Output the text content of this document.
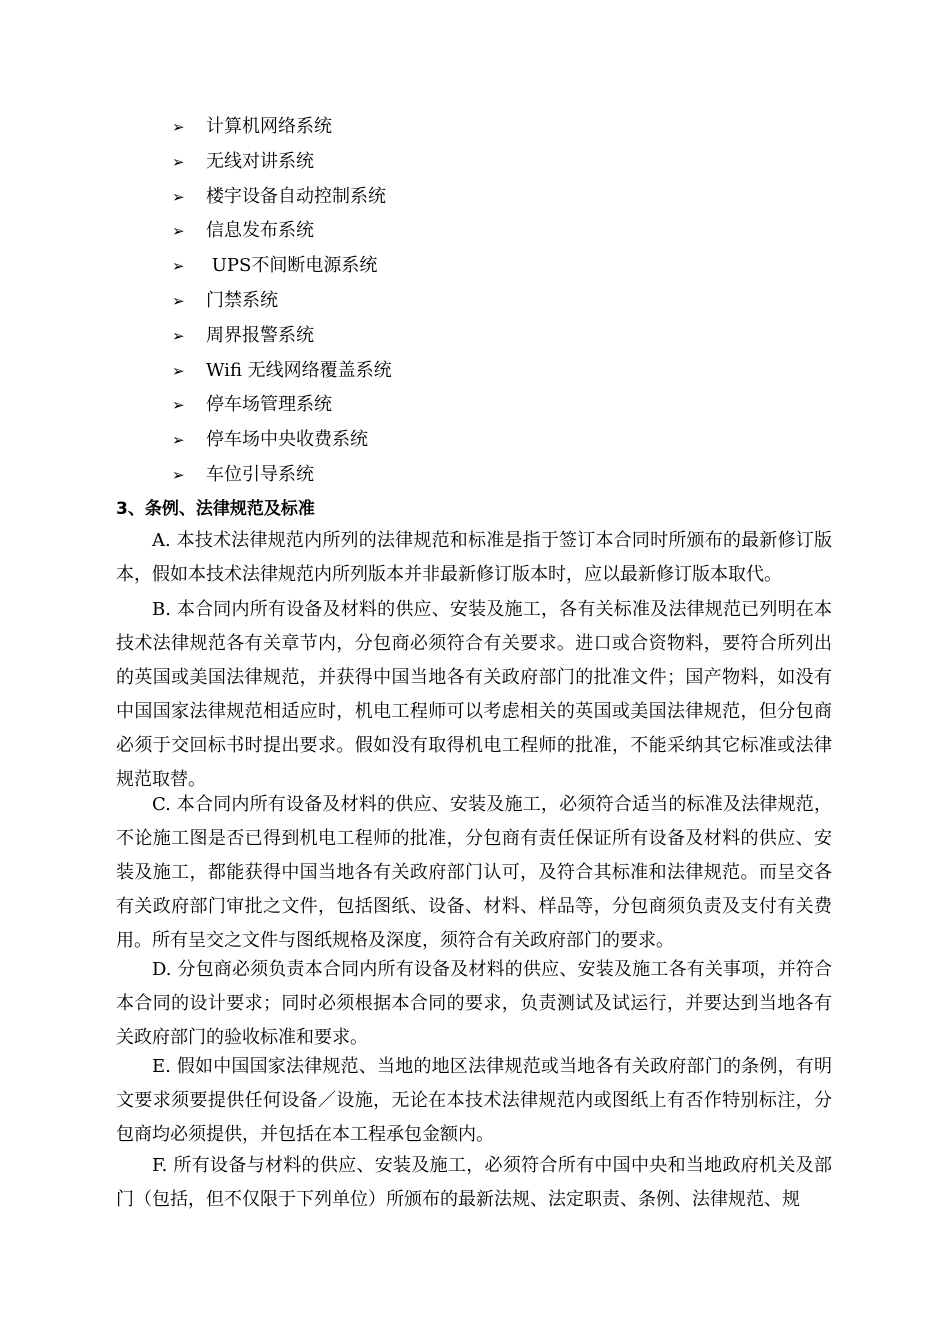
➢ 计算机网络系统
➢ 无线对讲系统
➢ 楼宇设备自动控制系统
➢ 信息发布系统
➢ UPS不间断电源系统
➢ 门禁系统
➢ 周界报警系统
➢ Wifi 无线网络覆盖系统
➢ 停车场管理系统
➢ 停车场中央收费系统
➢ 车位引导系统
3、条例、法律规范及标准

A. 本技术法律规范内所列的法律规范和标准是指于签订本合同时所颁布的最新修订版本，假如本技术法律规范内所列版本并非最新修订版本时，应以最新修订版本取代。

B. 本合同内所有设备及材料的供应、安装及施工，各有关标准及法律规范已列明在本技术法律规范各有关章节内，分包商必须符合有关要求。进口或合资物料，要符合所列出的英国或美国法律规范，并获得中国当地各有关政府部门的批准文件；国产物料，如没有中国国家法律规范相适应时，机电工程师可以考虑相关的英国或美国法律规范，但分包商必须于交回标书时提出要求。假如没有取得机电工程师的批准，不能采纳其它标准或法律规范取替。

C. 本合同内所有设备及材料的供应、安装及施工，必须符合适当的标准及法律规范，不论施工图是否已得到机电工程师的批准，分包商有责任保证所有设备及材料的供应、安装及施工，都能获得中国当地各有关政府部门认可，及符合其标准和法律规范。而呈交各有关政府部门审批之文件，包括图纸、设备、材料、样品等，分包商须负责及支付有关费用。所有呈交之文件与图纸规格及深度，须符合有关政府部门的要求。

D. 分包商必须负责本合同内所有设备及材料的供应、安装及施工各有关事项，并符合本合同的设计要求；同时必须根据本合同的要求，负责测试及试运行，并要达到当地各有关政府部门的验收标准和要求。

E. 假如中国国家法律规范、当地的地区法律规范或当地各有关政府部门的条例，有明文要求须要提供任何设备／设施，无论在本技术法律规范内或图纸上有否作特别标注，分包商均必须提供，并包括在本工程承包金额内。

F. 所有设备与材料的供应、安装及施工，必须符合所有中国中央和当地政府机关及部门（包括，但不仅限于下列单位）所颁布的最新法规、法定职责、条例、法律规范、规
